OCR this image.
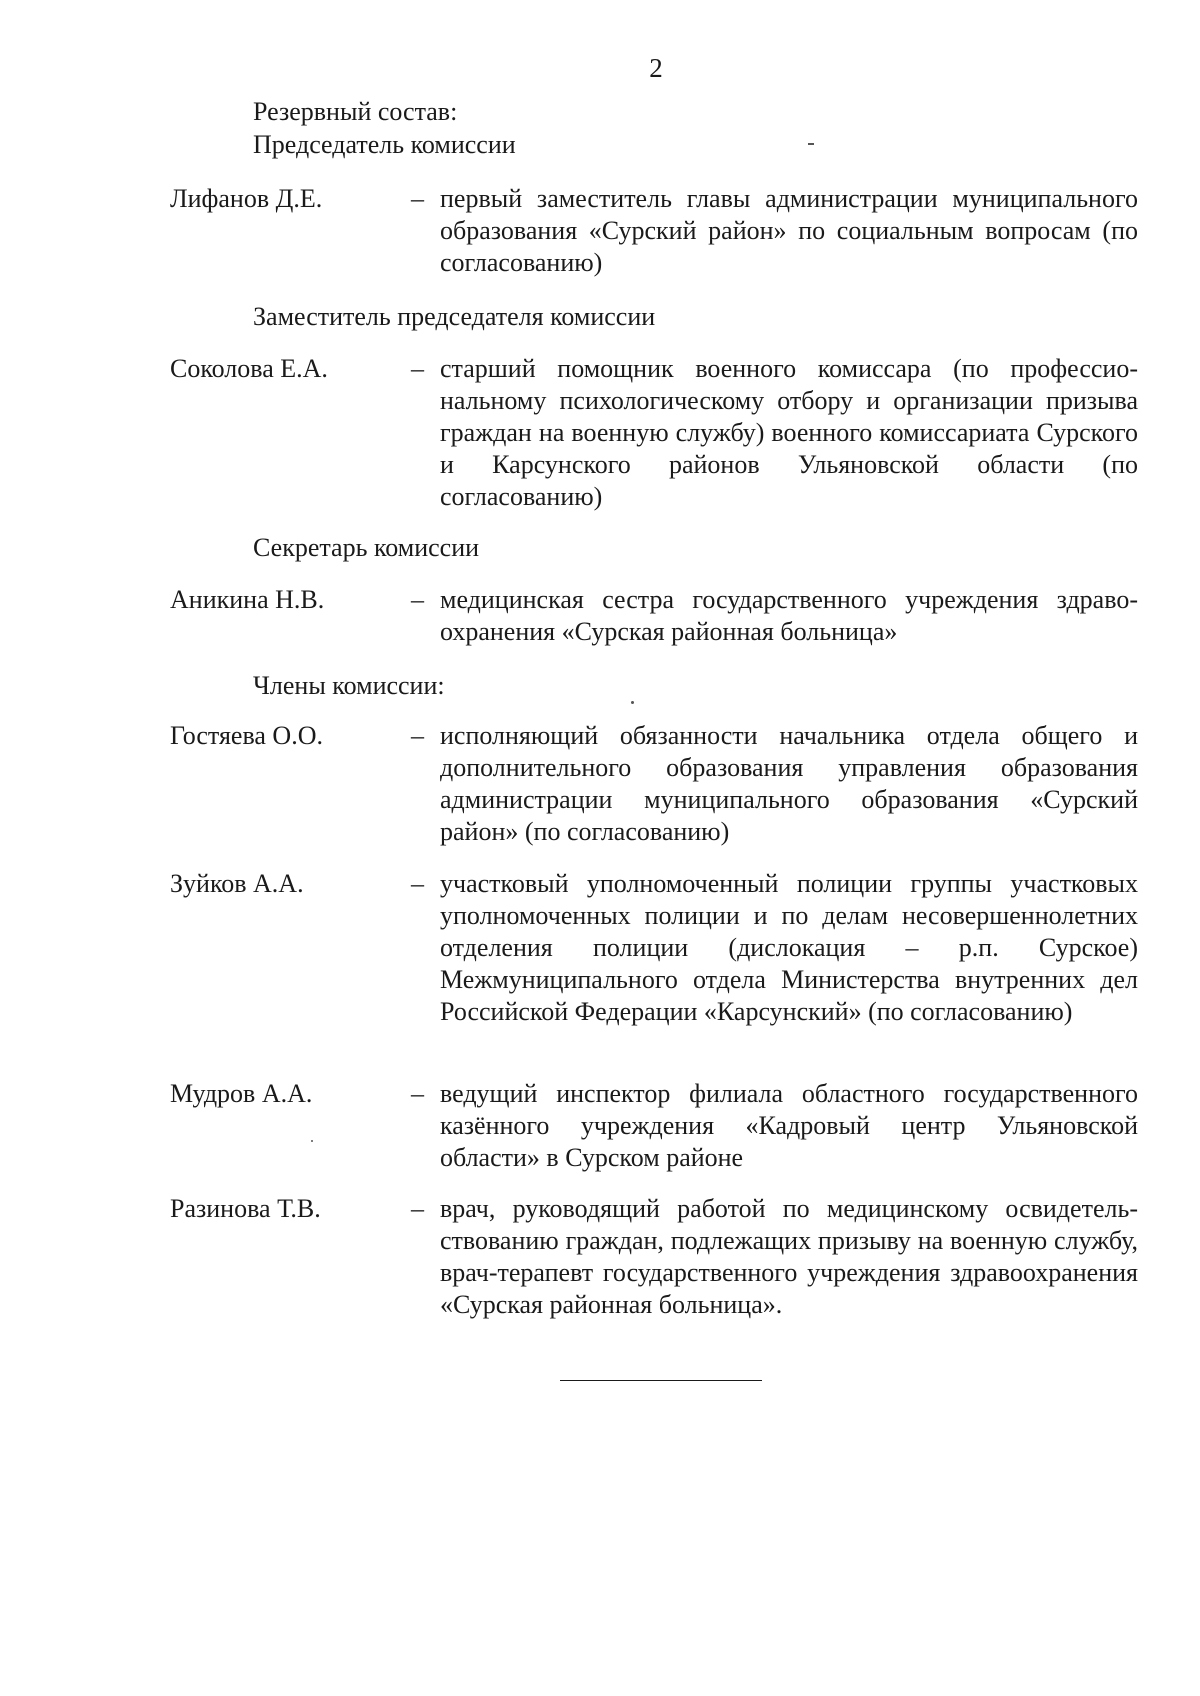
2
Резервный состав:
Председатель комиссии
Лифанов Д.Е.	– первый заместитель главы администрации муниципального образования «Сурский район» по социальным вопросам (по согласованию)
Заместитель председателя комиссии
Соколова Е.А.	– старший помощник военного комиссара (по профессиональному психологическому отбору и организации призыва граждан на военную службу) военного комиссариата Сурского и Карсунского районов Ульяновской области (по согласованию)
Секретарь комиссии
Аникина Н.В.	– медицинская сестра государственного учреждения здравоохранения «Сурская районная больница»
Члены комиссии:
Гостяева О.О.	– исполняющий обязанности начальника отдела общего и дополнительного образования управления образования администрации муниципального образования «Сурский район» (по согласованию)
Зуйков А.А.	– участковый уполномоченный полиции группы участковых уполномоченных полиции и по делам несовершеннолетних отделения полиции (дислокация – р.п. Сурское) Межмуниципального отдела Министерства внутренних дел Российской Федерации «Карсунский» (по согласованию)
Мудров А.А.	– ведущий инспектор филиала областного государственного казённого учреждения «Кадровый центр Ульяновской области» в Сурском районе
Разинова Т.В.	– врач, руководящий работой по медицинскому освидетельствованию граждан, подлежащих призыву на военную службу, врач-терапевт государственного учреждения здравоохранения «Сурская районная больница».
